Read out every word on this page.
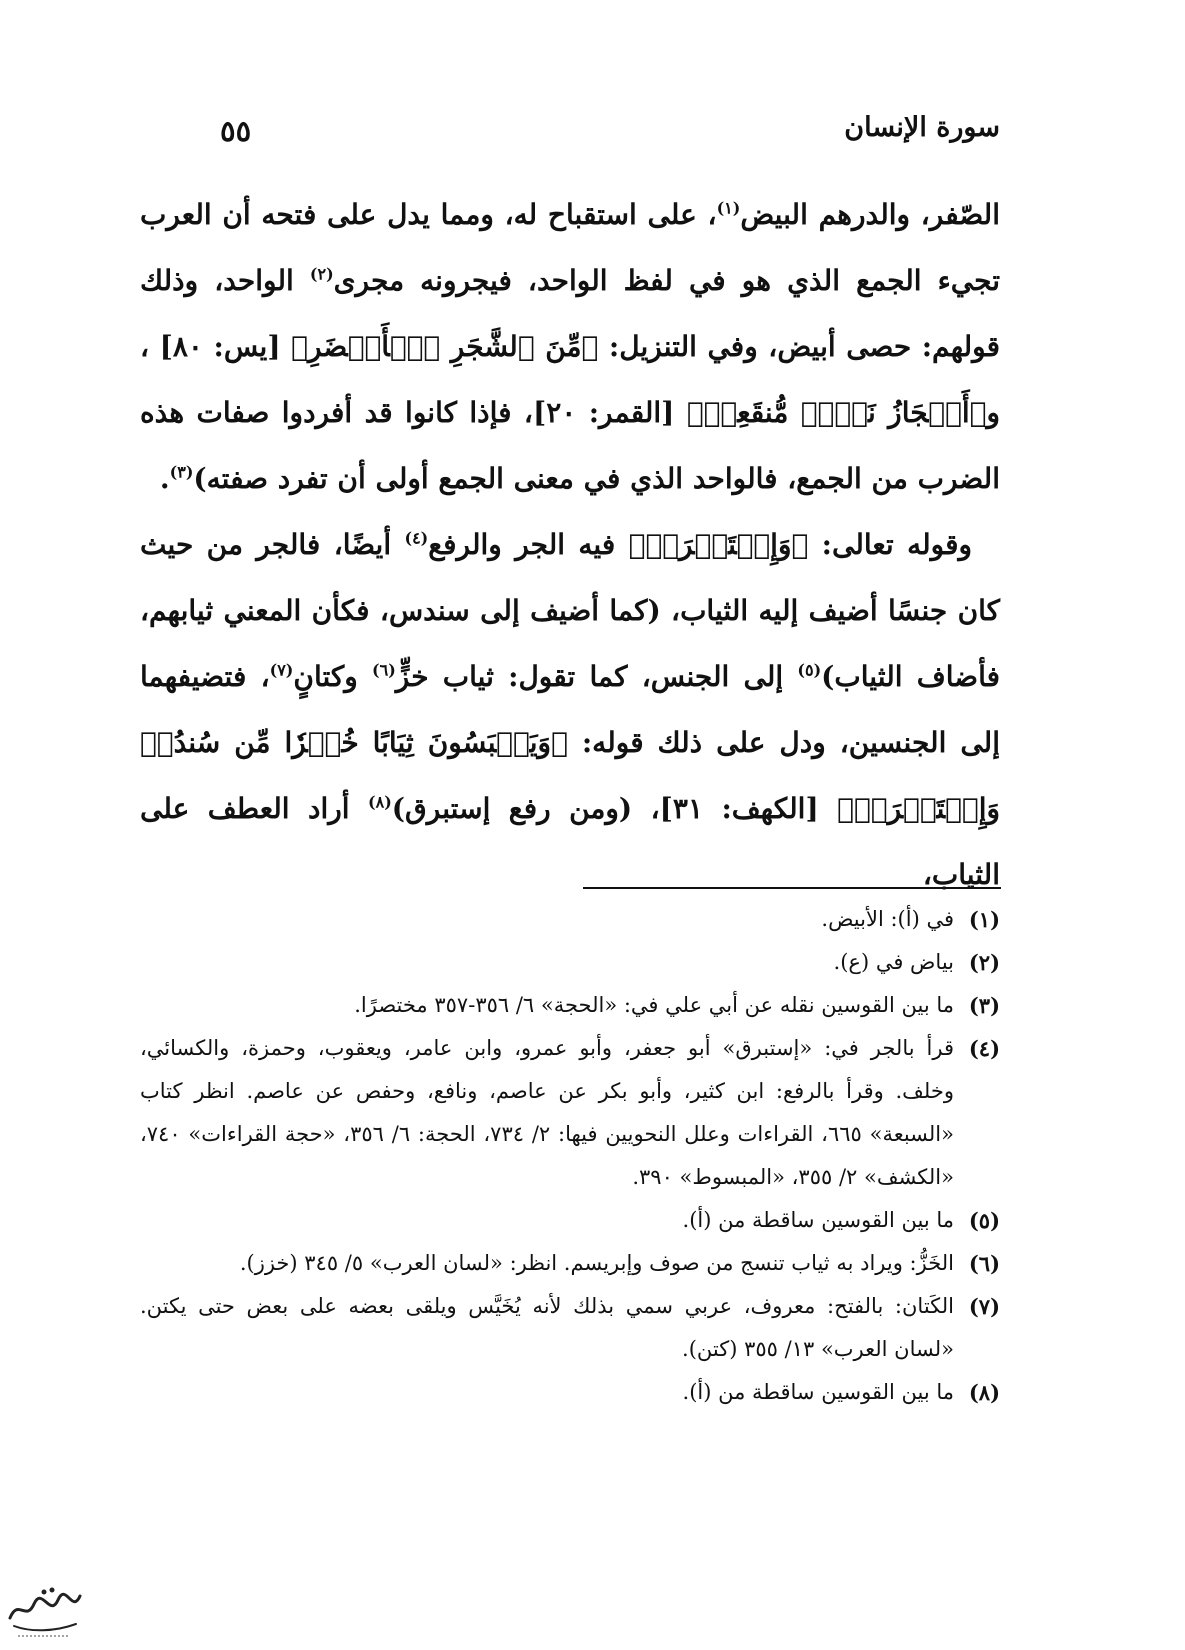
سورة الإنسان
٥٥

الصّفر، والدرهم البيض$^{(١)}$، على استقباح له، ومما يدل على فتحه أن العرب تجيء الجمع الذي هو في لفظ الواحد، فيجرونه مجرى$^{(٢)}$ الواحد، وذلك قولهم: حصى أبيض، وفي التنزيل: ﴿مِّنَ ٱلشَّجَرِ ٱلۡأَخۡضَرِ﴾ [يس: ٨٠] ، و﴿أَعۡجَازُ نَخۡلٖ مُّنقَعِرٖ﴾ [القمر: ٢٠]، فإذا كانوا قد أفردوا صفات هذه الضرب من الجمع، فالواحد الذي في معنى الجمع أولى أن تفرد صفته)$^{(٣)}$.

وقوله تعالى: ﴿وَإِسۡتَبۡرَقٞ﴾ فيه الجر والرفع$^{(٤)}$ أيضًا، فالجر من حيث كان جنسًا أضيف إليه الثياب، (كما أضيف إلى سندس، فكأن المعني ثيابهم، فأضاف الثياب)$^{(٥)}$ إلى الجنس، كما تقول: ثياب خزٍّ$^{(٦)}$ وكتانٍ$^{(٧)}$، فتضيفهما إلى الجنسين، ودل على ذلك قوله: ﴿وَيَلۡبَسُونَ ثِيَابًا خُضۡرٗا مِّن سُندُسٖ وَإِسۡتَبۡرَقٖ﴾ [الكهف: ٣١]، (ومن رفع إستبرق)$^{(٨)}$ أراد العطف على الثياب،

(١)
في (أ): الأبيض.
(٢)
بياض في (ع).
(٣)
ما بين القوسين نقله عن أبي علي في: «الحجة» ٦/ ٣٥٦-٣٥٧ مختصرًا.
(٤)
قرأ بالجر في: «إستبرق» أبو جعفر، وأبو عمرو، وابن عامر، ويعقوب، وحمزة، والكسائي، وخلف. وقرأ بالرفع: ابن كثير، وأبو بكر عن عاصم، ونافع، وحفص عن عاصم. انظر كتاب «السبعة» ٦٦٥، القراءات وعلل النحويين فيها: ٢/ ٧٣٤، الحجة: ٦/ ٣٥٦، «حجة القراءات» ٧٤٠، «الكشف» ٢/ ٣٥٥، «المبسوط» ٣٩٠.
(٥)
ما بين القوسين ساقطة من (أ).
(٦)
الخَزُّ: ويراد به ثياب تنسج من صوف وإبريسم. انظر: «لسان العرب» ٥/ ٣٤٥ (خزز).
(٧)
الكَتان: بالفتح: معروف، عربي سمي بذلك لأنه يُخَيَّس ويلقى بعضه على بعض حتى يكتن. «لسان العرب» ١٣/ ٣٥٥ (كتن).
(٨)
ما بين القوسين ساقطة من (أ).
